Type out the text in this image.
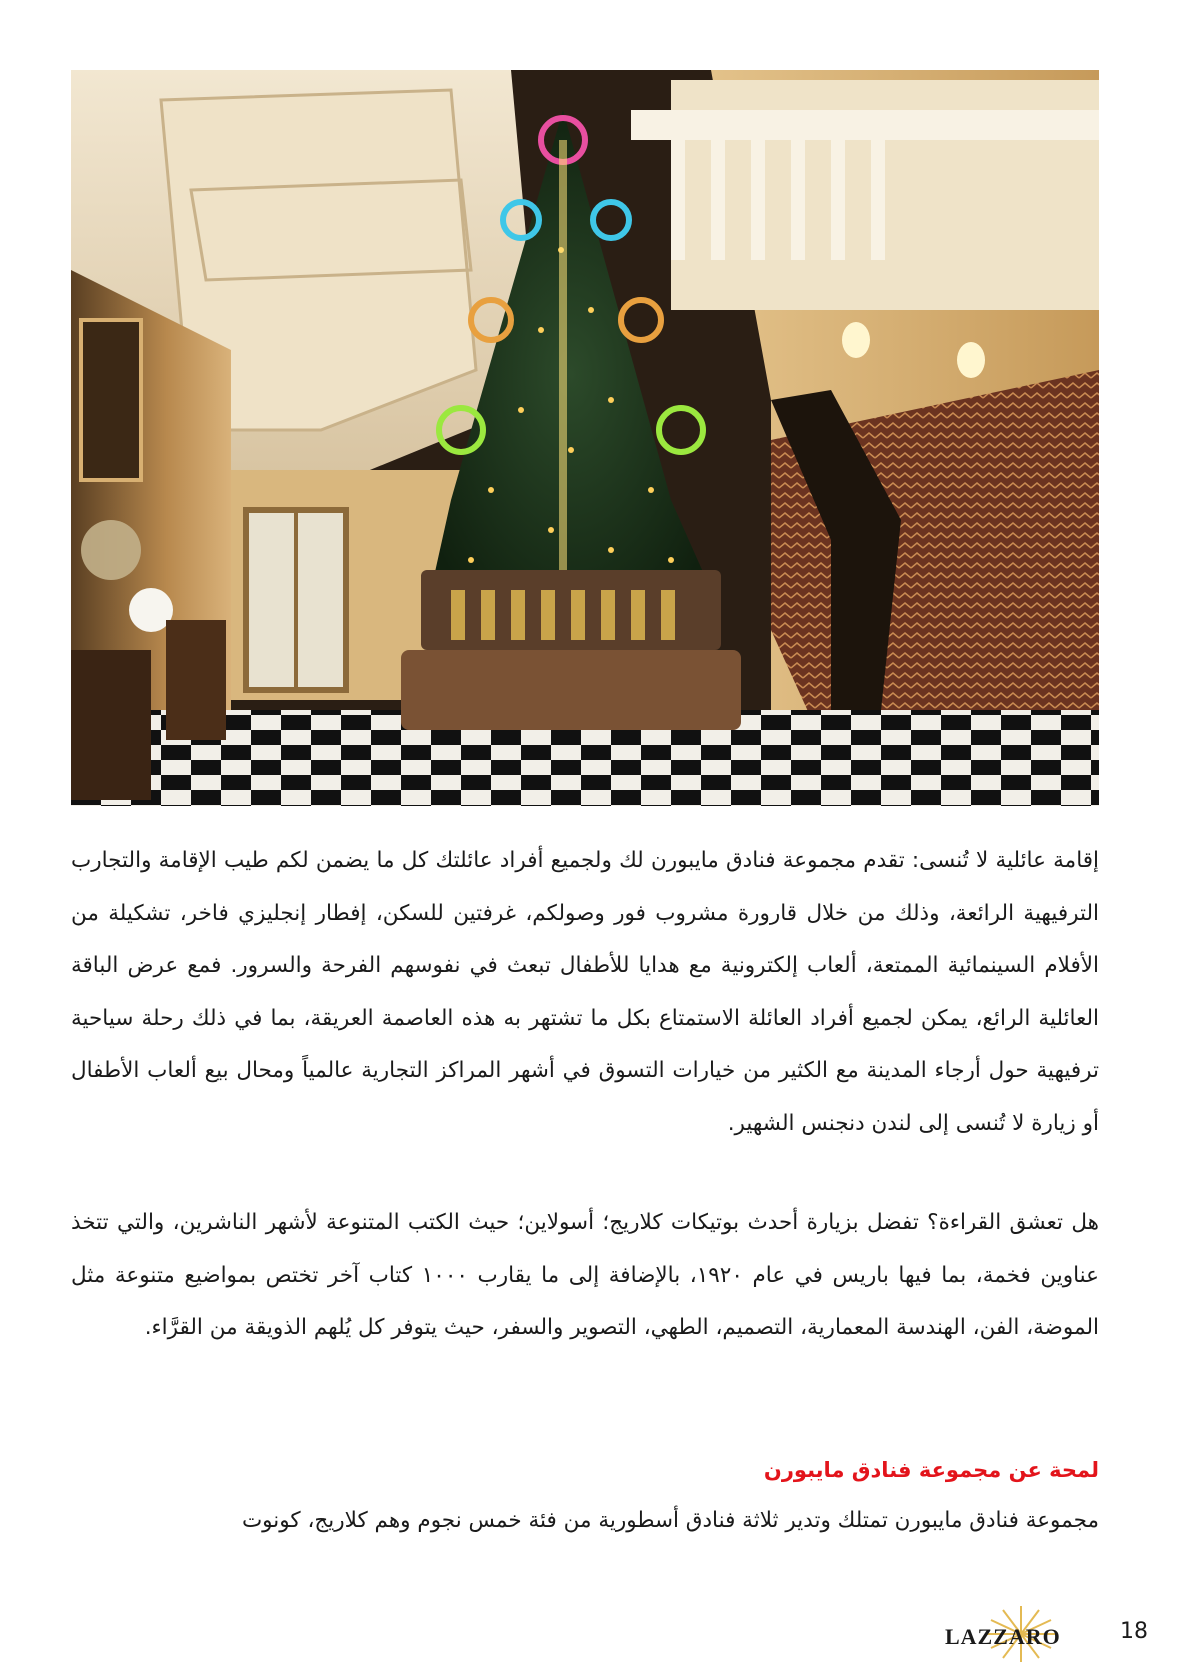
إقامة عائلية لا تُنسى: تقدم مجموعة فنادق مايبورن لك ولجميع أفراد عائلتك كل ما يضمن لكم طيب الإقامة والتجارب الترفيهية الرائعة، وذلك من خلال قارورة مشروب فور وصولكم، غرفتين للسكن، إفطار إنجليزي فاخر، تشكيلة من الأفلام السينمائية الممتعة، ألعاب إلكترونية مع هدايا للأطفال تبعث في نفوسهم الفرحة والسرور. فمع عرض الباقة العائلية الرائع، يمكن لجميع أفراد العائلة الاستمتاع بكل ما تشتهر به هذه العاصمة العريقة، بما في ذلك رحلة سياحية ترفيهية حول أرجاء المدينة مع الكثير من خيارات التسوق في أشهر المراكز التجارية عالمياً ومحال بيع ألعاب الأطفال أو زيارة لا تُنسى إلى لندن دنجنس الشهير.

هل تعشق القراءة؟ تفضل بزيارة أحدث بوتيكات كلاريج؛ أسولاين؛ حيث الكتب المتنوعة لأشهر الناشرين، والتي تتخذ عناوين فخمة، بما فيها باريس في عام ١٩٢٠، بالإضافة إلى ما يقارب ١٠٠٠ كتاب آخر تختص بمواضيع متنوعة مثل الموضة، الفن، الهندسة المعمارية، التصميم، الطهي، التصوير والسفر، حيث يتوفر كل يُلهم الذويقة من القرَّاء.

لمحة عن مجموعة فنادق مايبورن

مجموعة فنادق مايبورن تمتلك وتدير ثلاثة فنادق أسطورية من فئة خمس نجوم وهم كلاريج، كونوت

LAZZARO	18
